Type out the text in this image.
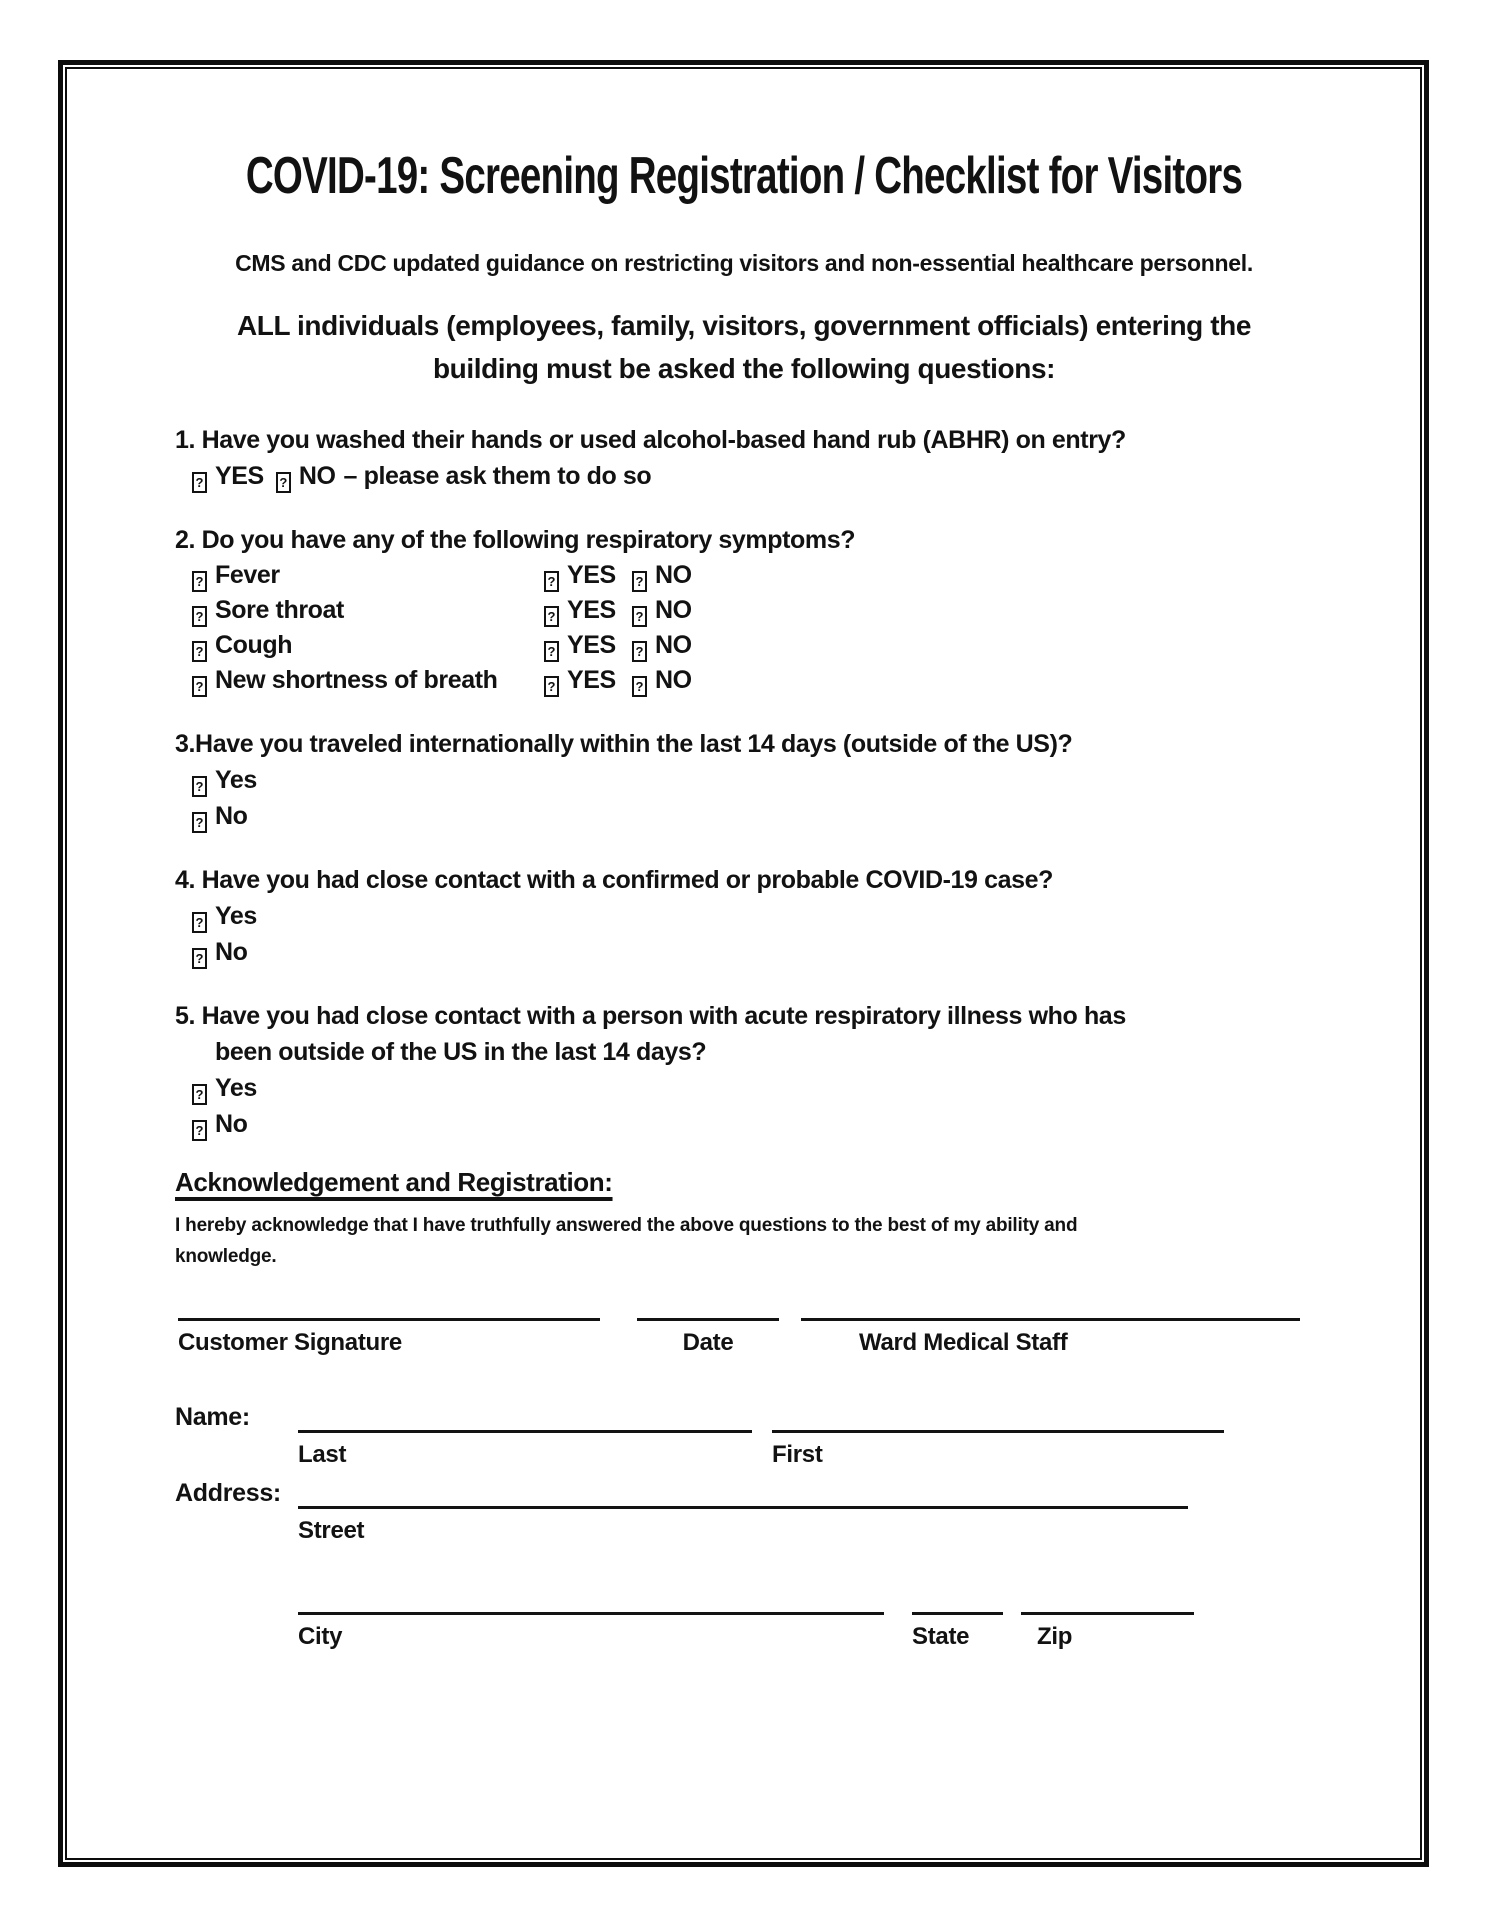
COVID-19: Screening Registration / Checklist for Visitors

CMS and CDC updated guidance on restricting visitors and non-essential healthcare personnel.

ALL individuals (employees, family, visitors, government officials) entering the
building must be asked the following questions:

1. Have you washed their hands or used alcohol-based hand rub (ABHR) on entry?
? YES ? NO – please ask them to do so
2. Do you have any of the following respiratory symptoms?
? Fever	? YES	? NO
? Sore throat	? YES	? NO
? Cough	? YES	? NO
? New shortness of breath	? YES	? NO
3.Have you traveled internationally within the last 14 days (outside of the US)?
? Yes
? No
4. Have you had close contact with a confirmed or probable COVID-19 case?
? Yes
? No
5. Have you had close contact with a person with acute respiratory illness who has
been outside of the US in the last 14 days?
? Yes
? No
Acknowledgement and Registration:

I hereby acknowledge that I have truthfully answered the above questions to the best of my ability and knowledge.

Customer Signature	Date	Ward Medical Staff
Name:
Last	First
Address:
Street
City	State	Zip
